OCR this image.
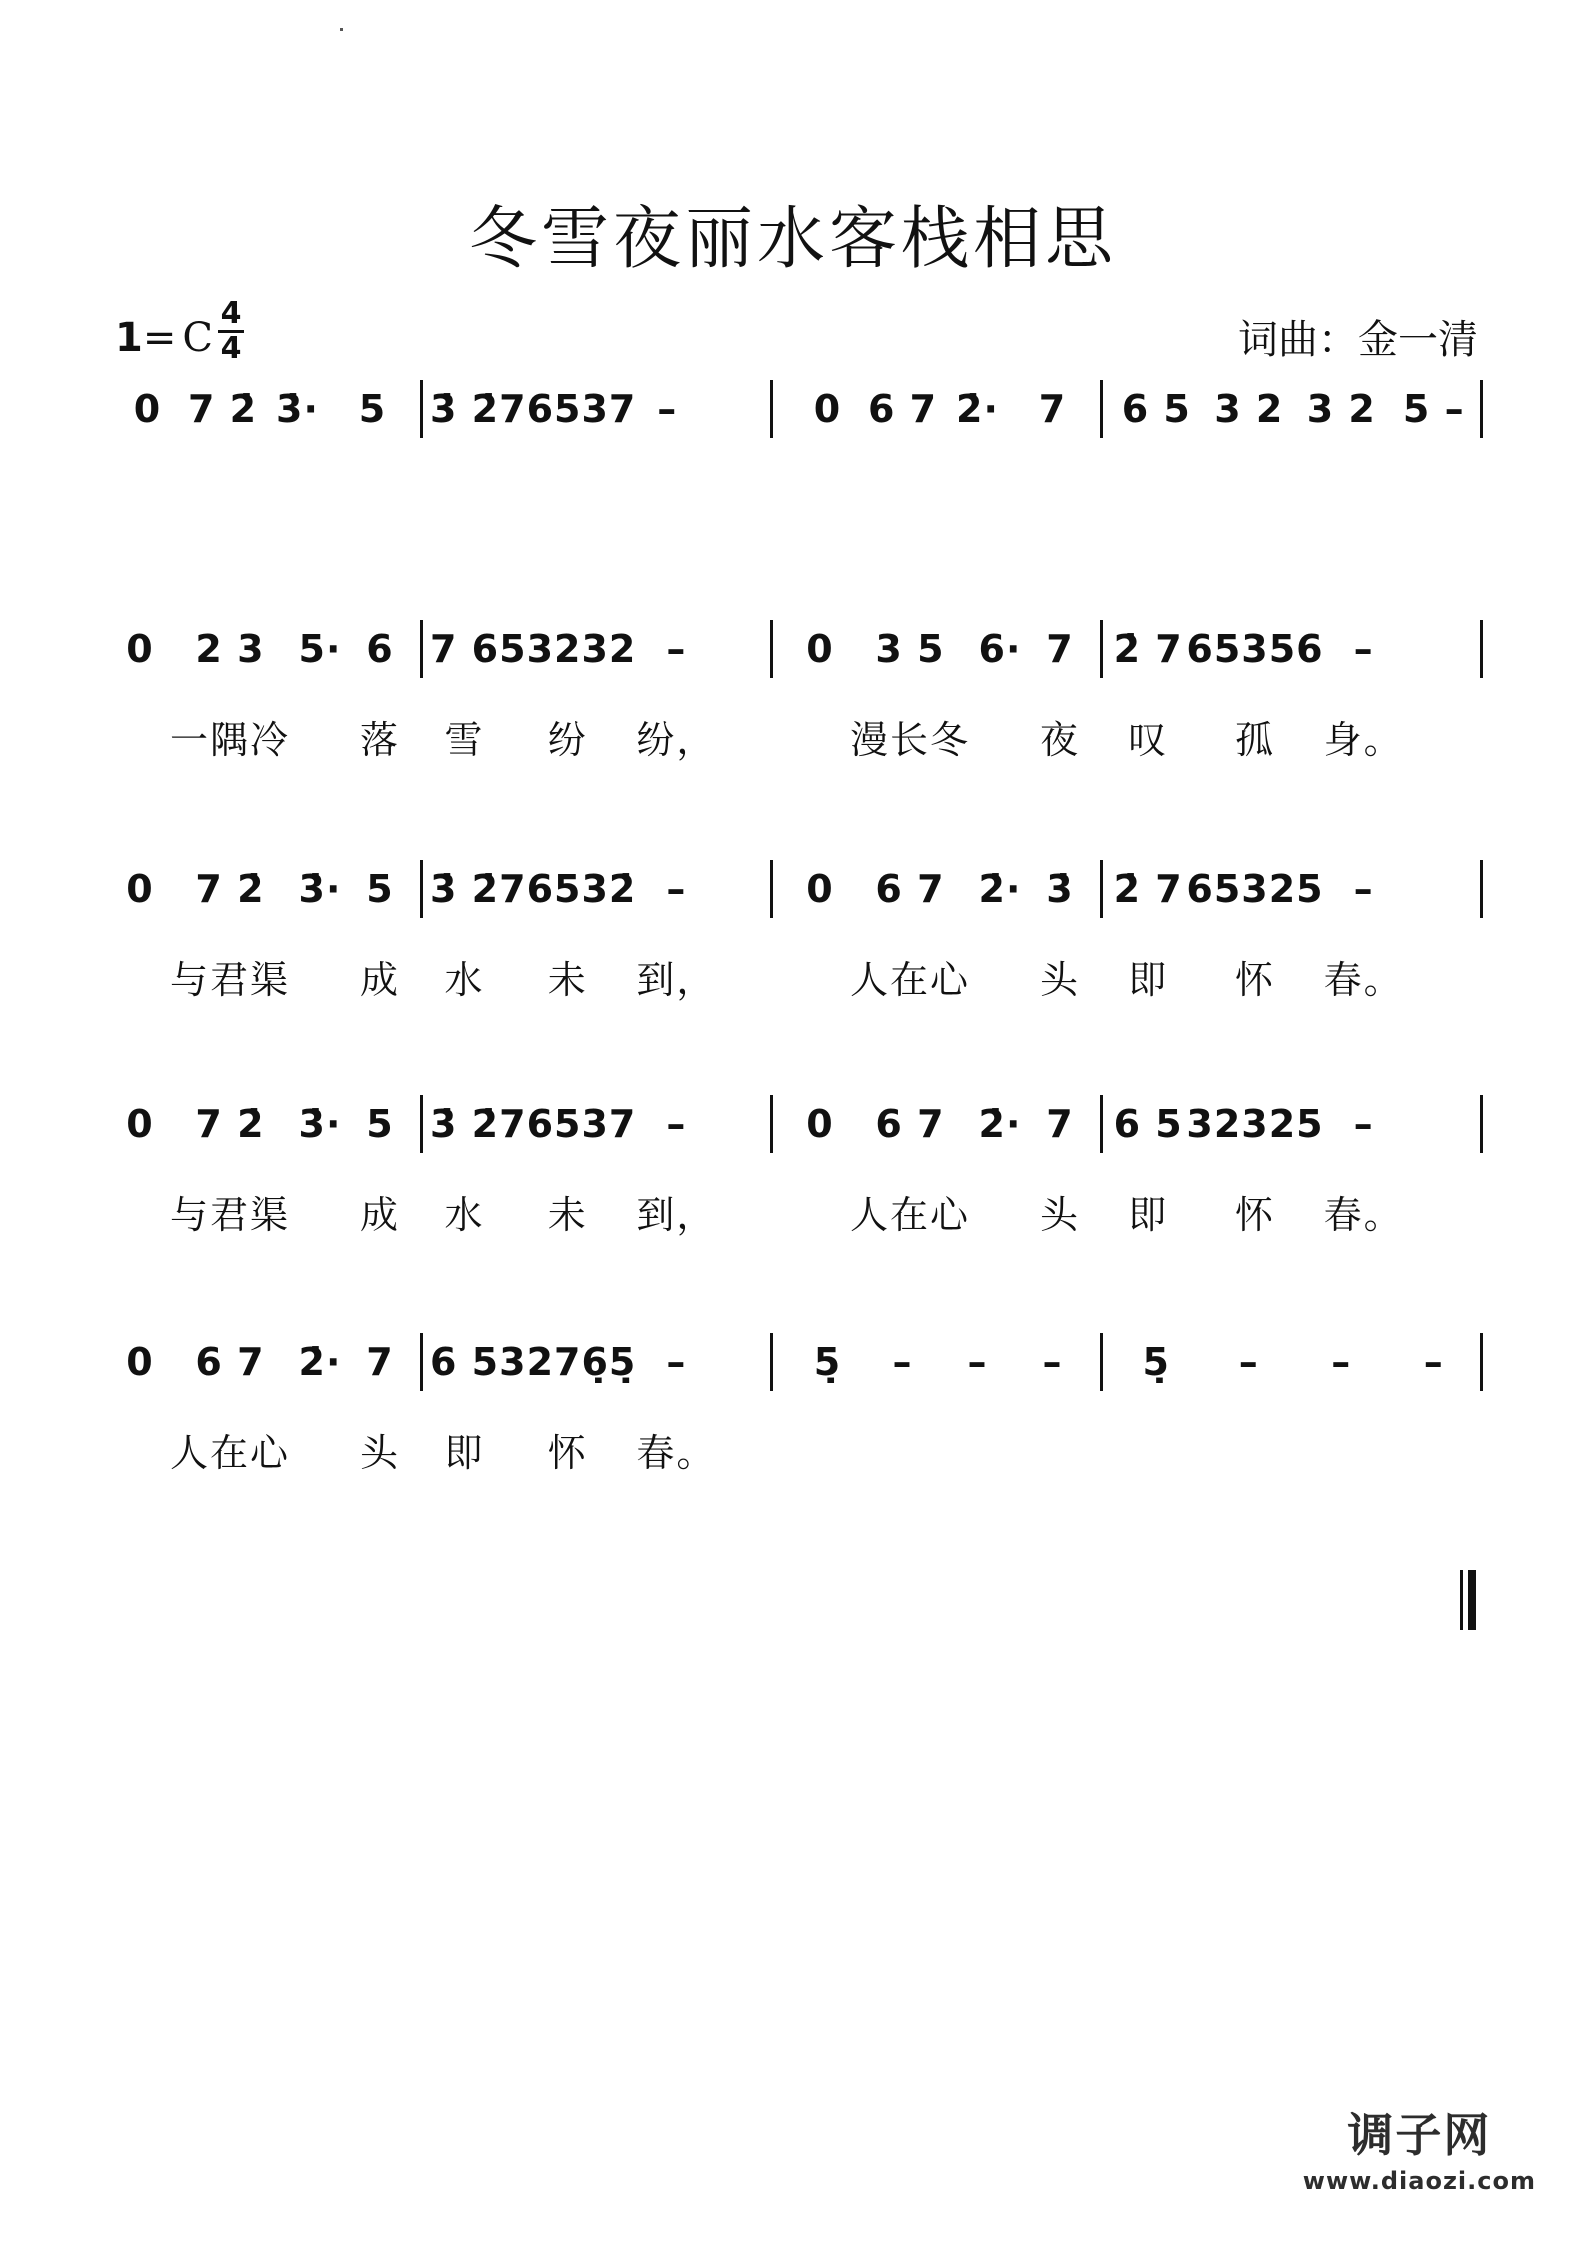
冬雪夜丽水客栈相思
1= C $\frac{4}{4}$	词曲：金一清
0 7 2̇ 3̇· 5 3̇ 2̇ 76537 –	0 6 7 2̇· 7 6 5 3 2 3 2 5 –
0 2 3
一隅冷
5· 6
落
7 6
雪
53232
纷
–
纷，
0 3 5
漫长冬
6· 7
夜
2̇ 7
叹
65356
孤
–
身。
0 7 2̇
与君渠
3̇· 5
成
3̇ 2̇
水
76532̇
未
–
到，
0 6 7
人在心
2̇· 3̇
头
2̇ 7
即
65325
怀
–
春。
0 7 2̇
与君渠
3̇· 5
成
3̇ 2̇
水
76537
未
–
到，
0 6 7
人在心
2̇· 7
头
6 5
即
32325
怀
–
春。
0 6 7
人在心
2̇· 7
头
6 5
即
3276̣5̣
怀
–
春。
5̣ – – – 5̣ – – –
调子网
www.diaozi.com
